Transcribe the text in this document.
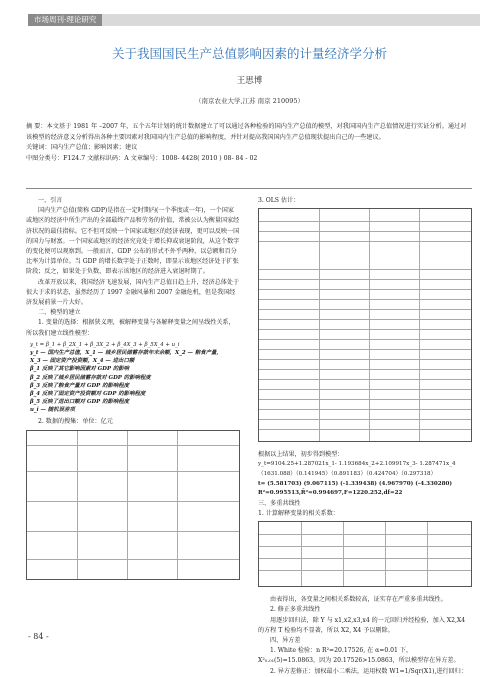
市场周刊·理论研究
关于我国国民生产总值影响因素的计量经济学分析
王思博
（南京农业大学,江苏 南京 210095）

摘 要：本文基于 1981 年 –2007 年，五个五年计划的统计数据建立了可以通过各种检验的国内生产总值的模型，对我国国内生产总值情况进行实证分析。通过对该模型的经济意义分析得出各种主要因素对我国国内生产总值的影响程度，并针对提高我国国内生产总值现状提出自己的一些建议。

关键词：国内生产总值；影响因素；建议

中图分类号：F124.7 文献标识码：A 文章编号：1008- 4428( 2010 ) 08- 84 - 02

一、引言

国内生产总值(简称 GDP)是指在一定时期内(一个季度或一年)，一个国家或地区的经济中所生产出的全部最终产品和劳务的价值，常被公认为衡量国家经济状况的最佳指标。它不但可反映一个国家或地区的经济表现，更可以反映一国的国力与财富。一个国家或地区的经济究竟处于增长抑或衰退阶段，从这个数字的变化便可以观察到。一般而言，GDP 公布的形式不外乎两种，以总额和百分比率为计算单位。当 GDP 的增长数字处于正数时，即显示该地区经济处于扩张阶段；反之，如果处于负数，即表示该地区的经济进入衰退时期了。

改革开放以来，我国经济飞速发展，国内生产总值日趋上升，经济总体处于很大于求的状态，虽然经历了 1997 金融风暴和 2007 金融危机，但是我国经济发展前景一片大好。

二、模型的建立

1. 变量的选择：根据狭义理，被解释变量与各解释变量之间呈线性关系，所以我们建立线性模型：

y_t = β_1 + β_2X_1 + β_3X_2 + β_4X_3 + β_5X_4 + u_i
y_t — 国内生产总值，X_1 — 城乡居民储蓄存款年末余额，X_2 — 粮食产量，
X_3 — 固定资产投资额，X_4 — 进出口额
β_1 反映了其它影响因素对 GDP 的影响
β_2 反映了城乡居民储蓄存款对 GDP 的影响程度
β_3 反映了粮食产量对 GDP 的影响程度
β_4 反映了固定资产投资额对 GDP 的影响程度
β_5 反映了进出口额对 GDP 的影响程度
u_i — 随机误差项

2. 数据的搜集：单位：亿元

3. OLS 估计：

根据以上结果，初步得到模型：

y_t=9104.25+1.287021x_1- 1.193684x_2+2.109917x_3- 1.287471x_4
（1631.088）（0.141945）（0.891183）（0.424704）（0.297318）
t= (5.581703) (9.067115) (-1.339438) (4.967970) (-4.330280)
R²=0.995513,R̄²=0.994697,F=1220.252,df=22

三、多重共线性

1. 计算解释变量的相关系数：

由表得出，各变量之间相关系数较高，证实存在严重多重共线性。

2. 修正多重共线性

用逐步回归法，除 Y 与 x1,x2,x3,x4 的一元回归并经检验，加入 X2,X4 的方程 T 检验均不显著，所以 X2, X4 予以剔除。

四、异方差

1. White 检验：n R²=20.17526, 在 α=0.01 下，X²₀.₀₁(5)=15.0863，因为 20.17526>15.0863，所以模型存在异方差。

2. 异方差修正：加权最小二乘法，运用权数 W1=1/Sqr(X1),进行回归：

- 84 -
